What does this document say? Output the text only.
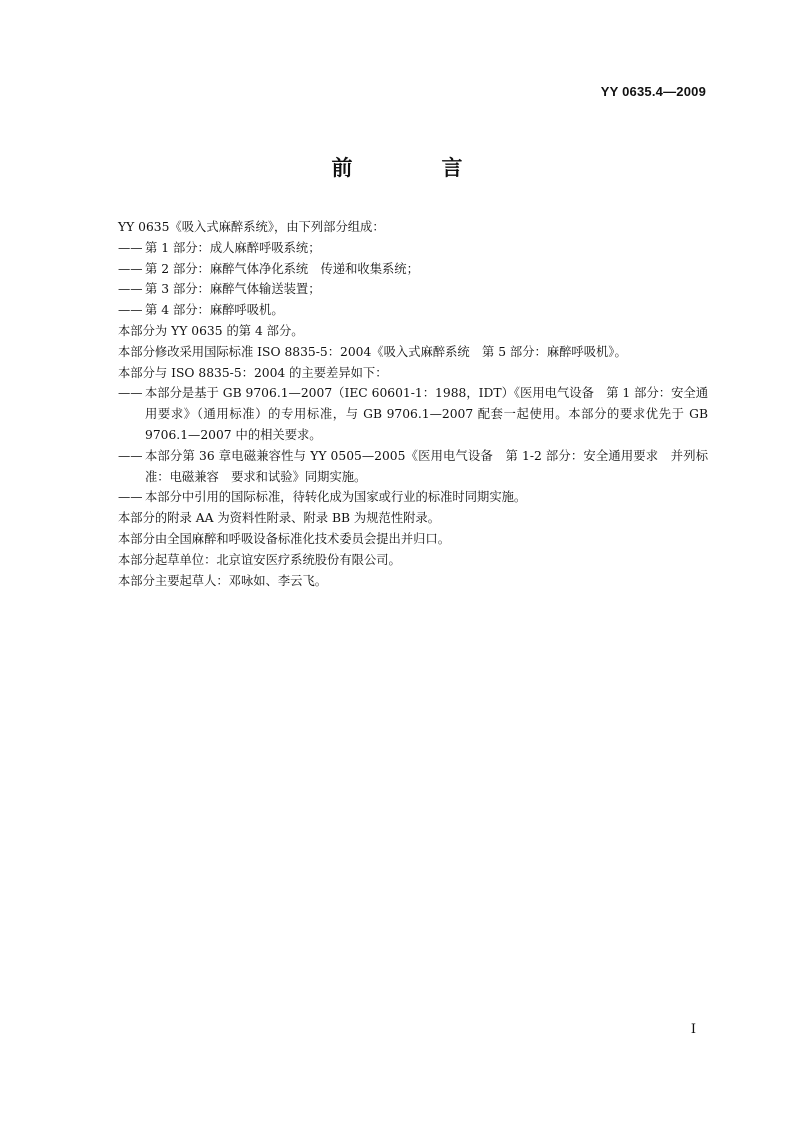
YY 0635.4—2009
前　言
YY 0635《吸入式麻醉系统》，由下列部分组成：
—— 第 1 部分：成人麻醉呼吸系统；
—— 第 2 部分：麻醉气体净化系统　传递和收集系统；
—— 第 3 部分：麻醉气体输送装置；
—— 第 4 部分：麻醉呼吸机。
本部分为 YY 0635 的第 4 部分。
本部分修改采用国际标准 ISO 8835-5：2004《吸入式麻醉系统　第 5 部分：麻醉呼吸机》。
本部分与 ISO 8835-5：2004 的主要差异如下：
—— 本部分是基于 GB 9706.1—2007（IEC 60601-1：1988，IDT）《医用电气设备　第 1 部分：安全通用要求》（通用标准）的专用标准，与 GB 9706.1—2007 配套一起使用。本部分的要求优先于 GB 9706.1—2007 中的相关要求。
—— 本部分第 36 章电磁兼容性与 YY 0505—2005《医用电气设备　第 1-2 部分：安全通用要求　并列标准：电磁兼容　要求和试验》同期实施。
—— 本部分中引用的国际标准，待转化成为国家或行业的标准时同期实施。
本部分的附录 AA 为资料性附录、附录 BB 为规范性附录。
本部分由全国麻醉和呼吸设备标准化技术委员会提出并归口。
本部分起草单位：北京谊安医疗系统股份有限公司。
本部分主要起草人：邓咏如、李云飞。
I
